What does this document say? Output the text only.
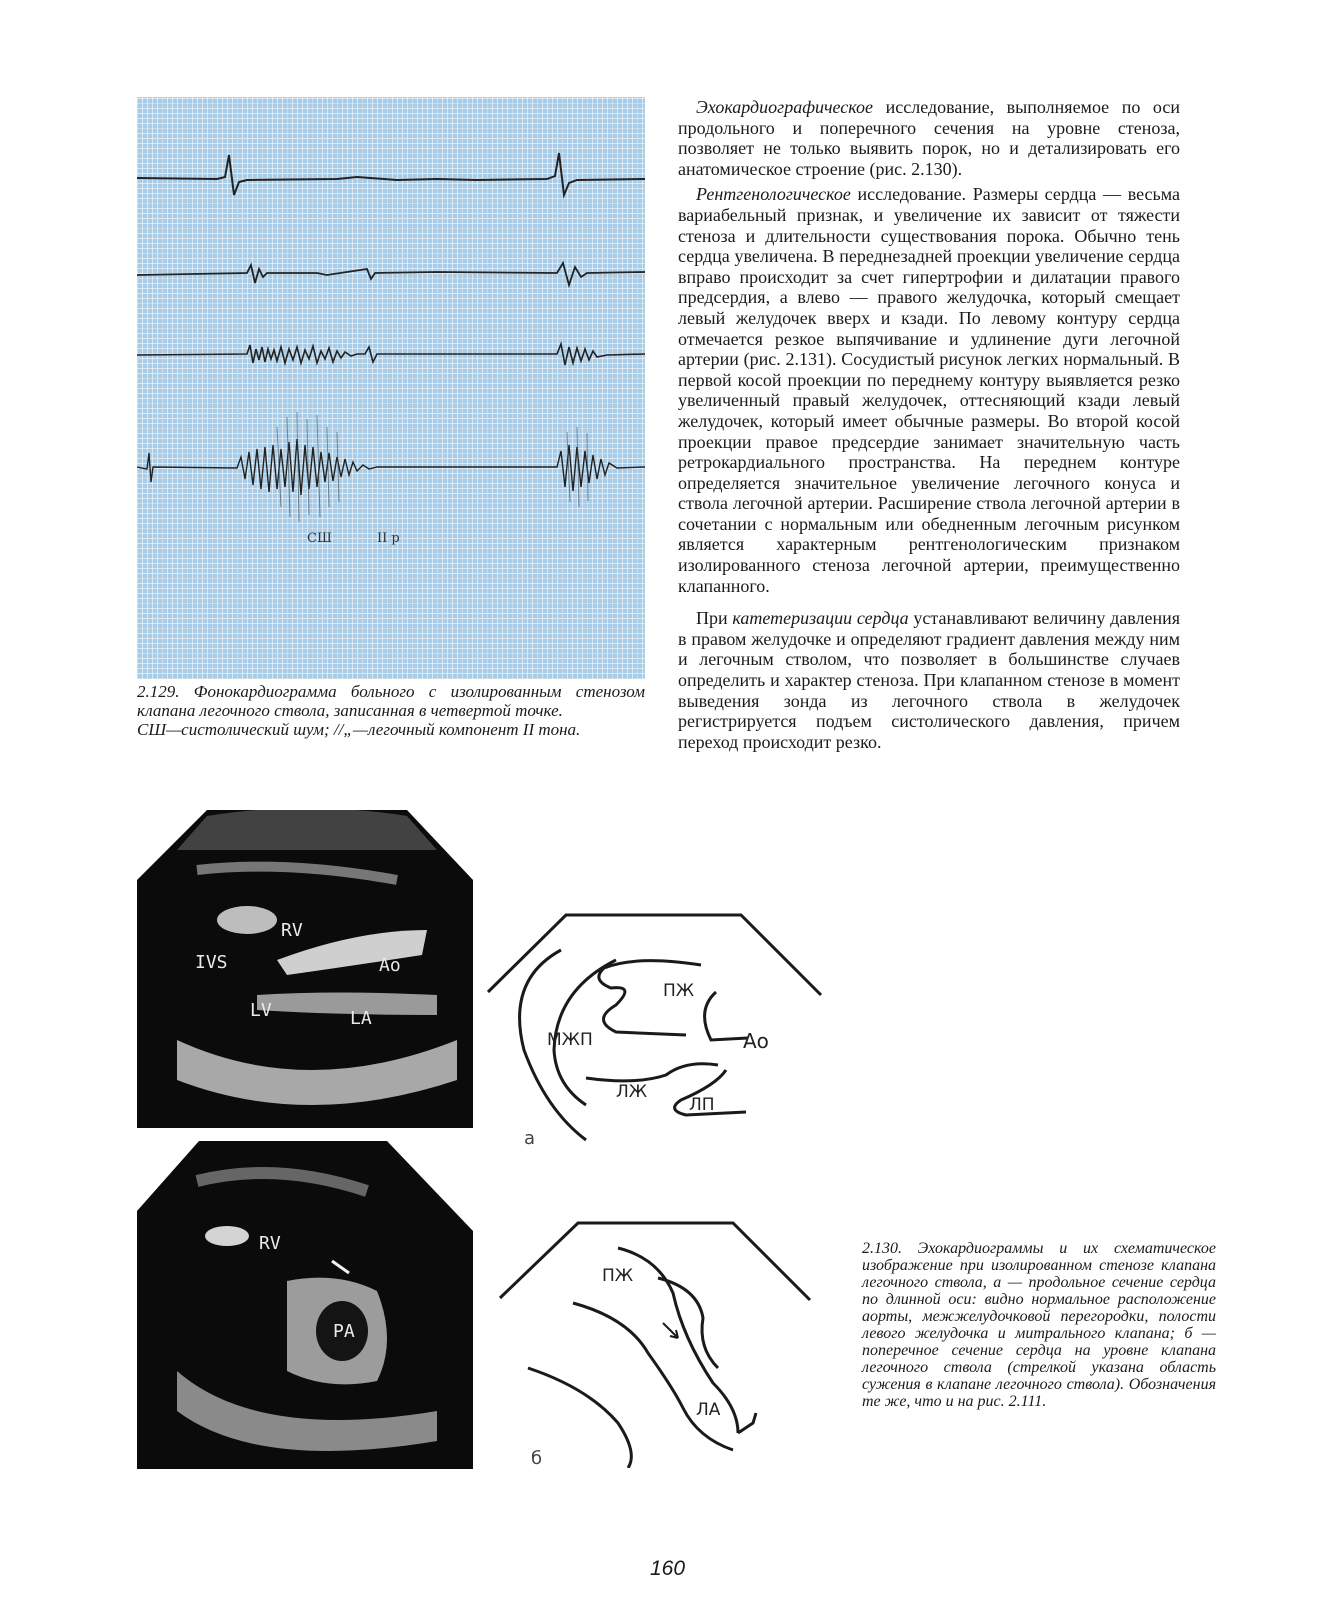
СШ	II р
2.129. Фонокардиограмма больного с изолированным стенозом клапана легочного ствола, записанная в четвертой точке.
СШ—систолический шум; //„—легочный компонент II тона.

Эхокардиографическое исследование, выполняемое по оси продольного и поперечного сечения на уровне стеноза, позволяет не только выявить порок, но и детализировать его анатомическое строение (рис. 2.130).

Рентгенологическое исследование. Размеры сердца — весьма вариабельный признак, и увеличение их зависит от тяжести стеноза и длительности существования порока. Обычно тень сердца увеличена. В переднезадней проекции увеличение сердца вправо происходит за счет гипертрофии и дилатации правого предсердия, а влево — правого желудочка, который смещает левый желудочек вверх и кзади. По левому контуру сердца отмечается резкое выпячивание и удлинение дуги легочной артерии (рис. 2.131). Сосудистый рисунок легких нормальный. В первой косой проекции по переднему контуру выявляется резко увеличенный правый желудочек, оттесняющий кзади левый желудочек, который имеет обычные размеры. Во второй косой проекции правое предсердие занимает значительную часть ретрокардиального пространства. На переднем контуре определяется значительное увеличение легочного конуса и ствола легочной артерии. Расширение ствола легочной артерии в сочетании с нормальным или обедненным легочным рисунком является характерным рентгенологическим признаком изолированного стеноза легочной артерии, преимущественно клапанного.

При катетеризации сердца устанавливают величину давления в правом желудочке и определяют градиент давления между ним и легочным стволом, что позволяет в большинстве случаев определить и характер стеноза. При клапанном стенозе в момент выведения зонда из легочного ствола в желудочек регистрируется подъем систолического давления, причем переход происходит резко.

RV
IVS	Ao
LV	LA
ПЖ
МЖП	Ао
ЛЖ
ЛП
а
RV
PA
ПЖ
ЛА
б
2.130. Эхокардиограммы и их схематическое изображение при изолированном стенозе клапана легочного ствола, а — продольное сечение сердца по длинной оси: видно нормальное расположение аорты, межжелудочковой перегородки, полости левого желудочка и митрального клапана; б — поперечное сечение сердца на уровне клапана легочного ствола (стрелкой указана область сужения в клапане легочного ствола). Обозначения те же, что и на рис. 2.111.
160
